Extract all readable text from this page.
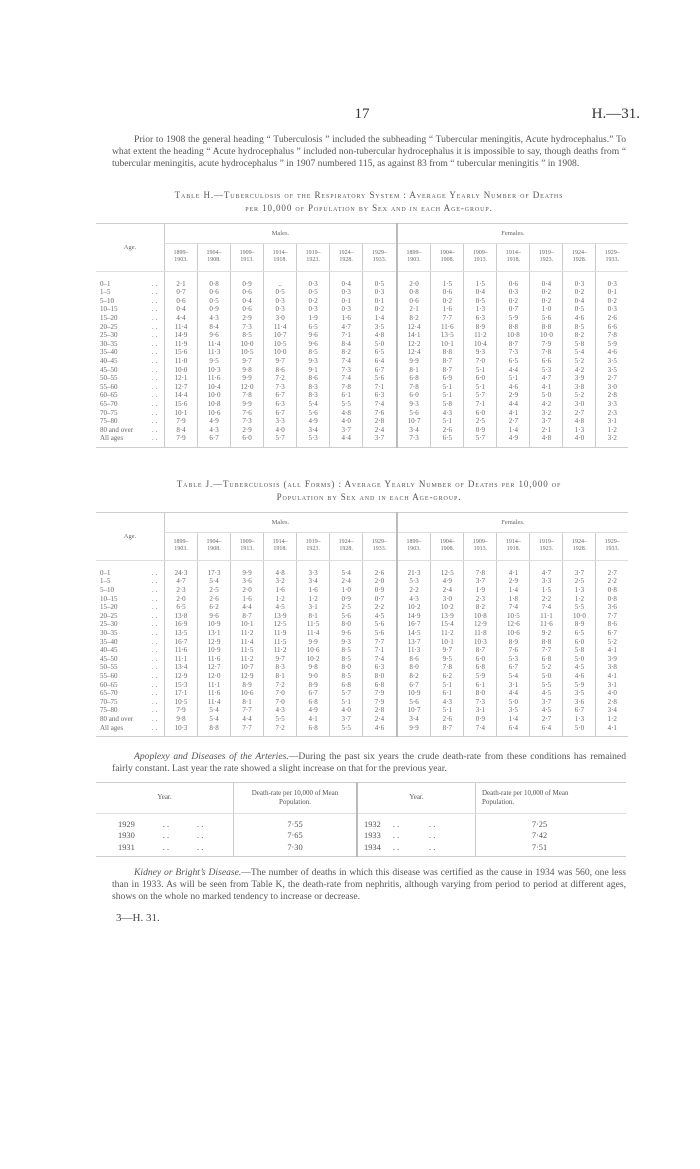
17	H.—31.

Prior to 1908 the general heading “ Tuberculosis ” included the subheading “ Tubercular meningitis, Acute hydrocephalus.” To what extent the heading “ Acute hydrocephalus ” included non-tubercular hydrocephalus it is impossible to say, though deaths from “ tubercular meningitis, acute hydrocephalus ” in 1907 numbered 115, as against 83 from “ tubercular meningitis ” in 1908.

Table H.—Tuberculosis of the Respiratory System : Average Yearly Number of Deaths
per 10,000 of Population by Sex and in each Age-group.
Age.		Males.							Females.						
		1899–
1903.	1904–
1908.	1909–
1913.	1914–
1918.	1919–
1923.	1924–
1928.	1929–
1933.	1899–
1903.	1904–
1908.	1909–
1913.	1914–
1918.	1919–
1923.	1924–
1928.	1929–
1933.
0–1	. .	2·1	0·8	0·9	..	0·3	0·4	0·5	2·0	1·5	1·5	0·6	0·4	0·3	0·3
1–5	. .	0·7	0·6	0·6	0·5	0·5	0·3	0·3	0·8	0·6	0·4	0·3	0·2	0·2	0·1
5–10	. .	0·6	0·5	0·4	0·3	0·2	0·1	0·1	0·6	0·2	0·5	0·2	0·2	0·4	0·2
10–15	. .	0·4	0·9	0·6	0·3	0·3	0·3	0·2	2·1	1·6	1·3	0·7	1·0	0·5	0·3
15–20	. .	4·4	4·3	2·9	3·0	1·9	1·6	1·4	8·2	7·7	6·3	5·9	5·6	4·6	2·6
20–25	. .	11·4	8·4	7·3	11·4	6·5	4·7	3·5	12·4	11·6	8·9	8·8	8·8	8·5	6·6
25–30	. .	14·9	9·6	8·5	10·7	9·6	7·1	4·8	14·1	13·5	11·2	10·8	10·0	8·2	7·8
30–35	. .	11·9	11·4	10·0	10·5	9·6	8·4	5·0	12·2	10·1	10·4	8·7	7·9	5·8	5·9
35–40	. .	15·6	11·3	10·5	10·0	8·5	8·2	6·5	12·4	8·8	9·3	7·3	7·8	5·4	4·6
40–45	. .	11·0	9·5	9·7	9·7	9·3	7·4	6·4	9·9	8·7	7·0	6·5	6·6	5·2	3·5
45–50	. .	10·0	10·3	9·8	8·6	9·1	7·3	6·7	8·1	8·7	5·1	4·4	5·3	4·2	3·5
50–55	. .	12·1	11·6	9·9	7·2	8·6	7·4	5·6	6·8	6·9	6·0	5·1	4·7	3·9	2·7
55–60	. .	12·7	10·4	12·0	7·3	8·3	7·8	7·1	7·8	5·1	5·1	4·6	4·1	3·8	3·0
60–65	. .	14·4	10·0	7·8	6·7	8·3	6·1	6·3	6·0	5·1	5·7	2·9	5·0	5·2	2·8
65–70	. .	15·6	10·8	9·9	6·3	5·4	5·5	7·4	9·3	5·8	7·1	4·4	4·2	3·0	3·3
70–75	. .	10·1	10·6	7·6	6·7	5·6	4·8	7·6	5·6	4·3	6·0	4·1	3·2	2·7	2·3
75–80	. .	7·9	4·9	7·3	3·3	4·9	4·0	2·8	10·7	5·1	2·5	2·7	3·7	4·8	3·1
80 and over	. .	8·4	4·3	2·9	4·0	3·4	3·7	2·4	3·4	2·6	0·9	1·4	2·1	1·3	1·2
All ages	. .	7·9	6·7	6·0	5·7	5·3	4·4	3·7	7·3	6·5	5·7	4·9	4·8	4·0	3·2
Table J.—Tuberculosis (all Forms) : Average Yearly Number of Deaths per 10,000 of
Population by Sex and in each Age-group.
Age.		Males.							Females.						
		1899–
1903.	1904–
1908.	1909–
1913.	1914–
1918.	1919–
1923.	1924–
1928.	1929–
1933.	1899–
1903.	1904–
1908.	1909–
1913.	1914–
1918.	1919–
1923.	1924–
1928.	1929–
1933.
0–1	. .	24·3	17·3	9·9	4·8	3·3	5·4	2·6	21·3	12·5	7·8	4·1	4·7	3·7	2·7
1–5	. .	4·7	5·4	3·6	3·2	3·4	2·4	2·0	5·3	4·9	3·7	2·9	3·3	2·5	2·2
5–10	. .	2·3	2·5	2·0	1·6	1·6	1·0	0·9	2·2	2·4	1·9	1·4	1·5	1·3	0·8
10–15	. .	2·0	2·6	1·6	1·2	1·2	0·9	0·7	4·3	3·0	2·3	1·8	2·2	1·2	0·8
15–20	. .	6·5	6·2	4·4	4·5	3·1	2·5	2·2	10·2	10·2	8·2	7·4	7·4	5·5	3·6
20–25	. .	13·8	9·6	8·7	13·9	8·1	5·6	4·5	14·9	13·9	10·8	10·5	11·1	10·0	7·7
25–30	. .	16·9	10·9	10·1	12·5	11·5	8·0	5·6	16·7	15·4	12·9	12·6	11·6	8·9	8·6
30–35	. .	13·5	13·1	11·2	11·9	11·4	9·6	5·6	14·5	11·2	11·8	10·6	9·2	6·5	6·7
35–40	. .	16·7	12·9	11·4	11·5	9·9	9·3	7·7	13·7	10·1	10·3	8·9	8·8	6·0	5·2
40–45	. .	11·6	10·9	11·5	11·2	10·6	8·5	7·1	11·3	9·7	8·7	7·6	7·7	5·8	4·1
45–50	. .	11·1	11·6	11·2	9·7	10·2	8·5	7·4	8·6	9·5	6·0	5·3	6·8	5·0	3·9
50–55	. .	13·4	12·7	10·7	8·3	9·8	8·0	6·3	8·0	7·8	6·8	6·7	5·2	4·5	3·8
55–60	. .	12·9	12·0	12·9	8·1	9·0	8·5	8·0	8·2	6·2	5·9	5·4	5·0	4·6	4·1
60–65	. .	15·3	11·1	8·9	7·2	8·9	6·8	6·8	6·7	5·1	6·1	3·1	5·5	5·9	3·1
65–70	. .	17·1	11·6	10·6	7·0	6·7	5·7	7·9	10·9	6·1	8·0	4·4	4·5	3·5	4·0
70–75	. .	10·5	11·4	8·1	7·0	6·8	5·1	7·9	5·6	4·3	7·3	5·0	3·7	3·6	2·8
75–80	. .	7·9	5·4	7·7	4·3	4·9	4·0	2·8	10·7	5·1	3·1	3·5	4·5	6·7	3·4
80 and over	. .	9·8	5·4	4·4	5·5	4·1	3·7	2·4	3·4	2·6	0·9	1·4	2·7	1·3	1·2
All ages	. .	10·3	8·8	7·7	7·2	6·8	5·5	4·6	9·9	8·7	7·4	6·4	6·4	5·0	4·1

Apoplexy and Diseases of the Arteries.—During the past six years the crude death-rate from these conditions has remained fairly constant. Last year the rate showed a slight increase on that for the previous year.

Year.	Death-rate per 10,000 of Mean Population.	Year.	Death-rate per 10,000 of Mean Population.	
1929 . . . .	7·55	1932 . . . .	7·25	
1930 . . . .	7·65	1933 . . . .	7·42	
1931 . . . .	7·30	1934 . . . .	7·51	

Kidney or Bright’s Disease.—The number of deaths in which this disease was certified as the cause in 1934 was 560, one less than in 1933. As will be seen from Table K, the death-rate from nephritis, although varying from period to period at different ages, shows on the whole no marked tendency to increase or decrease.

3—H. 31.
